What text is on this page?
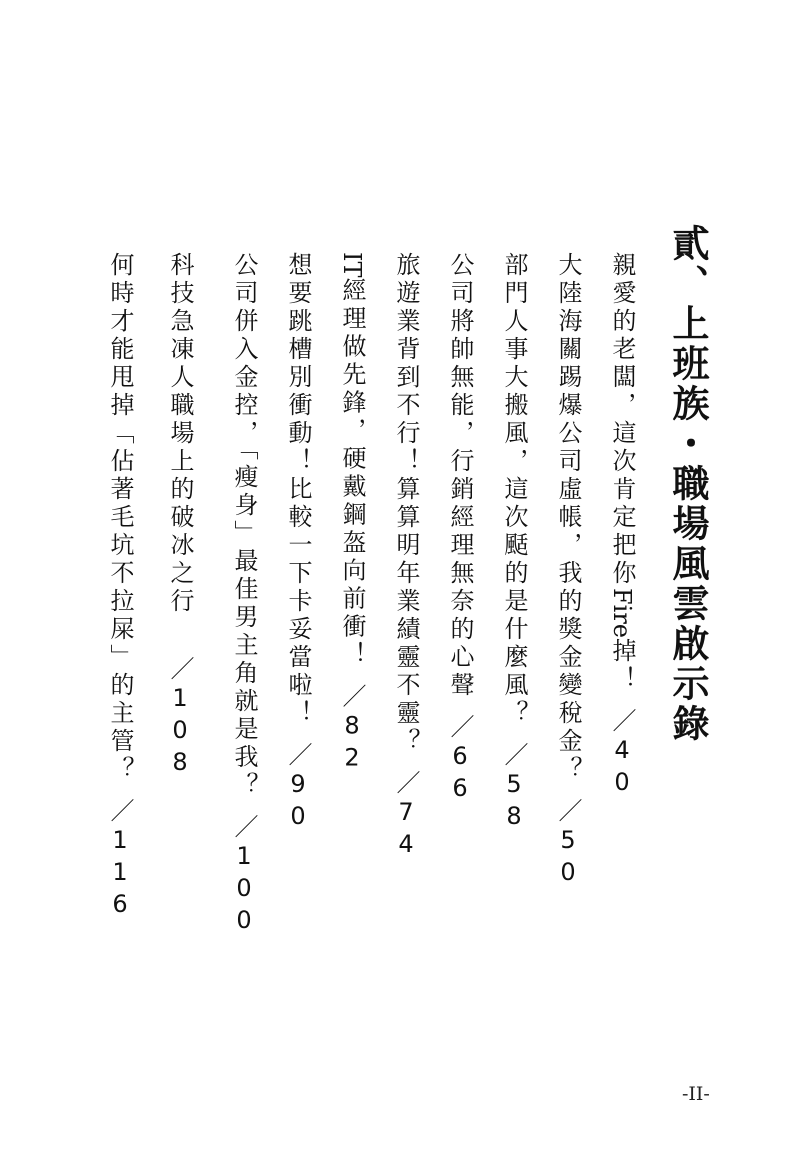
貳、上班族・職場風雲啟示錄
親愛的老闆，這次肯定把你Fire掉！／40
大陸海關踢爆公司虛帳，我的獎金變稅金？／50
部門人事大搬風，這次颳的是什麼風？／58
公司將帥無能，行銷經理無奈的心聲／66
旅遊業背到不行！算算明年業績靈不靈？／74
IT經理做先鋒，硬戴鋼盔向前衝！／82
想要跳槽別衝動！比較一下卡妥當啦！／90
公司併入金控，「瘦身」最佳男主角就是我？／100
科技急凍人職場上的破冰之行／108
何時才能甩掉「佔著毛坑不拉屎」的主管？／116
-II-
